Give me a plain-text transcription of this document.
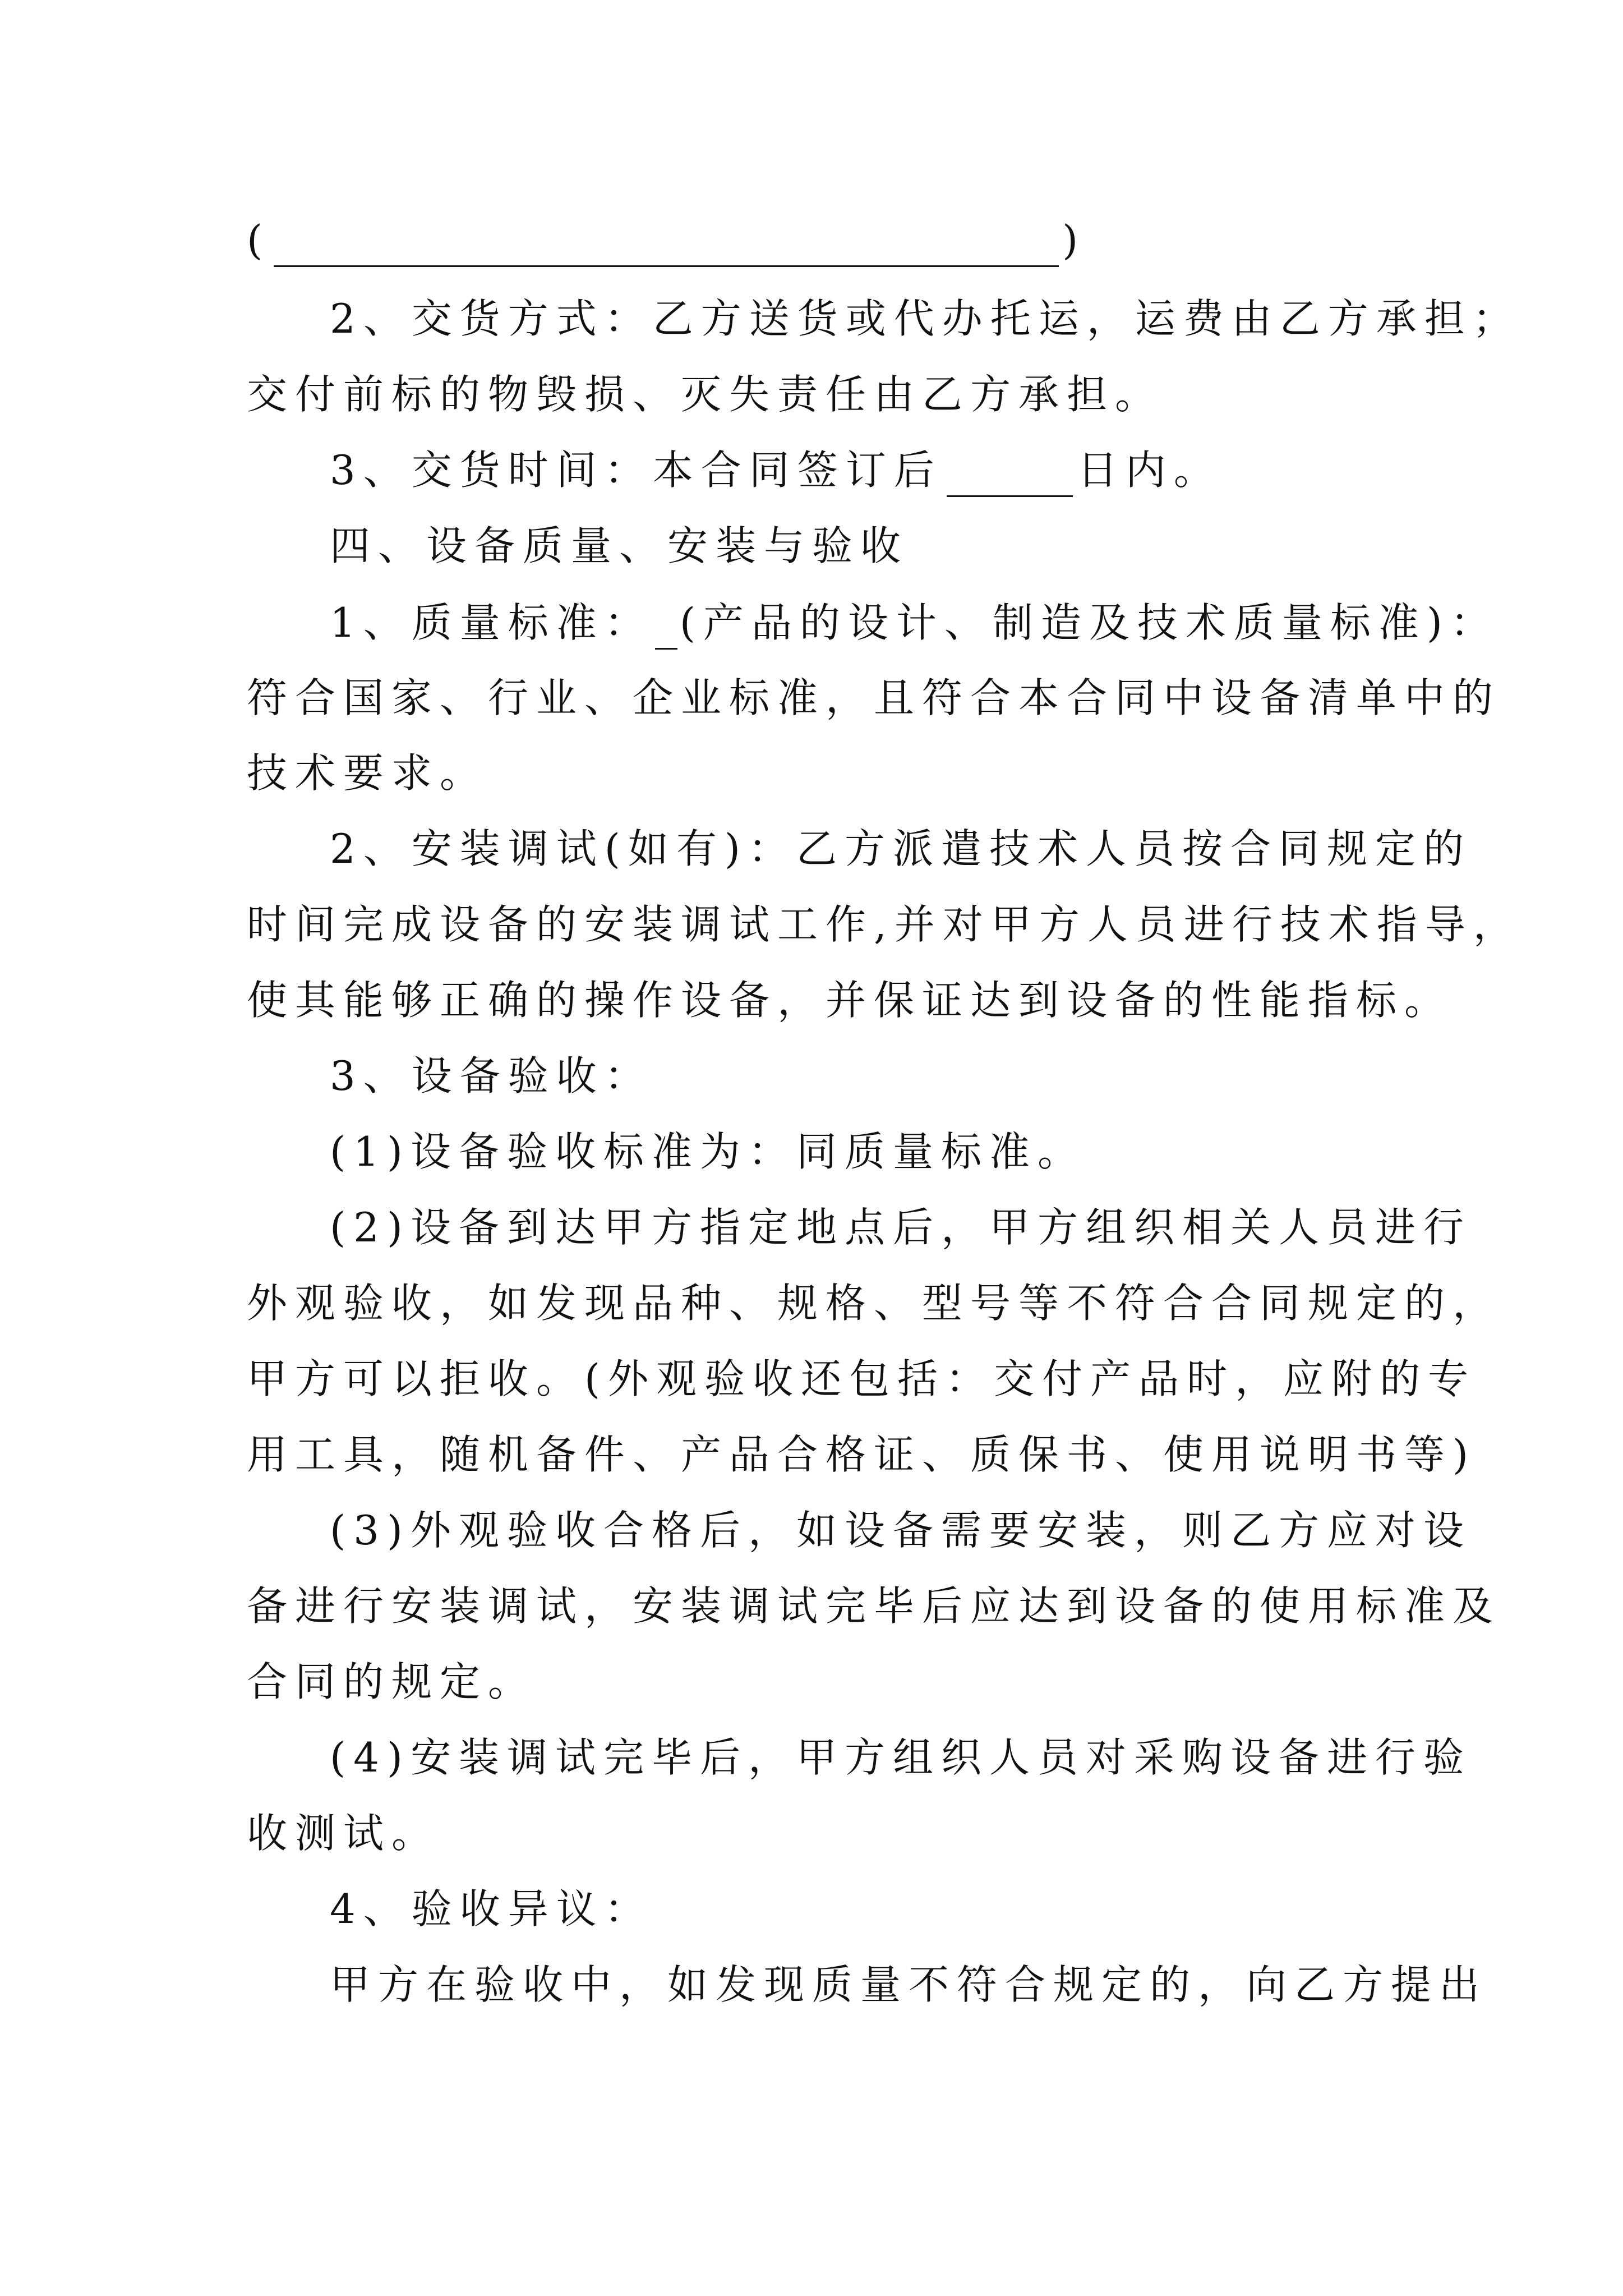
(	)
2、交货方式：乙方送货或代办托运，运费由乙方承担；
交付前标的物毁损、灭失责任由乙方承担。
3、交货时间：本合同签订后	日内。
四、设备质量、安装与验收
1、质量标准： (产品的设计、制造及技术质量标准)：
符合国家、行业、企业标准，且符合本合同中设备清单中的
技术要求。
2、安装调试(如有)：乙方派遣技术人员按合同规定的
时间完成设备的安装调试工作,并对甲方人员进行技术指导，
使其能够正确的操作设备，并保证达到设备的性能指标。
3、设备验收：
(1)设备验收标准为：同质量标准。
(2)设备到达甲方指定地点后，甲方组织相关人员进行
外观验收，如发现品种、规格、型号等不符合合同规定的，
甲方可以拒收。(外观验收还包括：交付产品时，应附的专
用工具，随机备件、产品合格证、质保书、使用说明书等)
(3)外观验收合格后，如设备需要安装，则乙方应对设
备进行安装调试，安装调试完毕后应达到设备的使用标准及
合同的规定。
(4)安装调试完毕后，甲方组织人员对采购设备进行验
收测试。
4、验收异议：
甲方在验收中，如发现质量不符合规定的，向乙方提出
